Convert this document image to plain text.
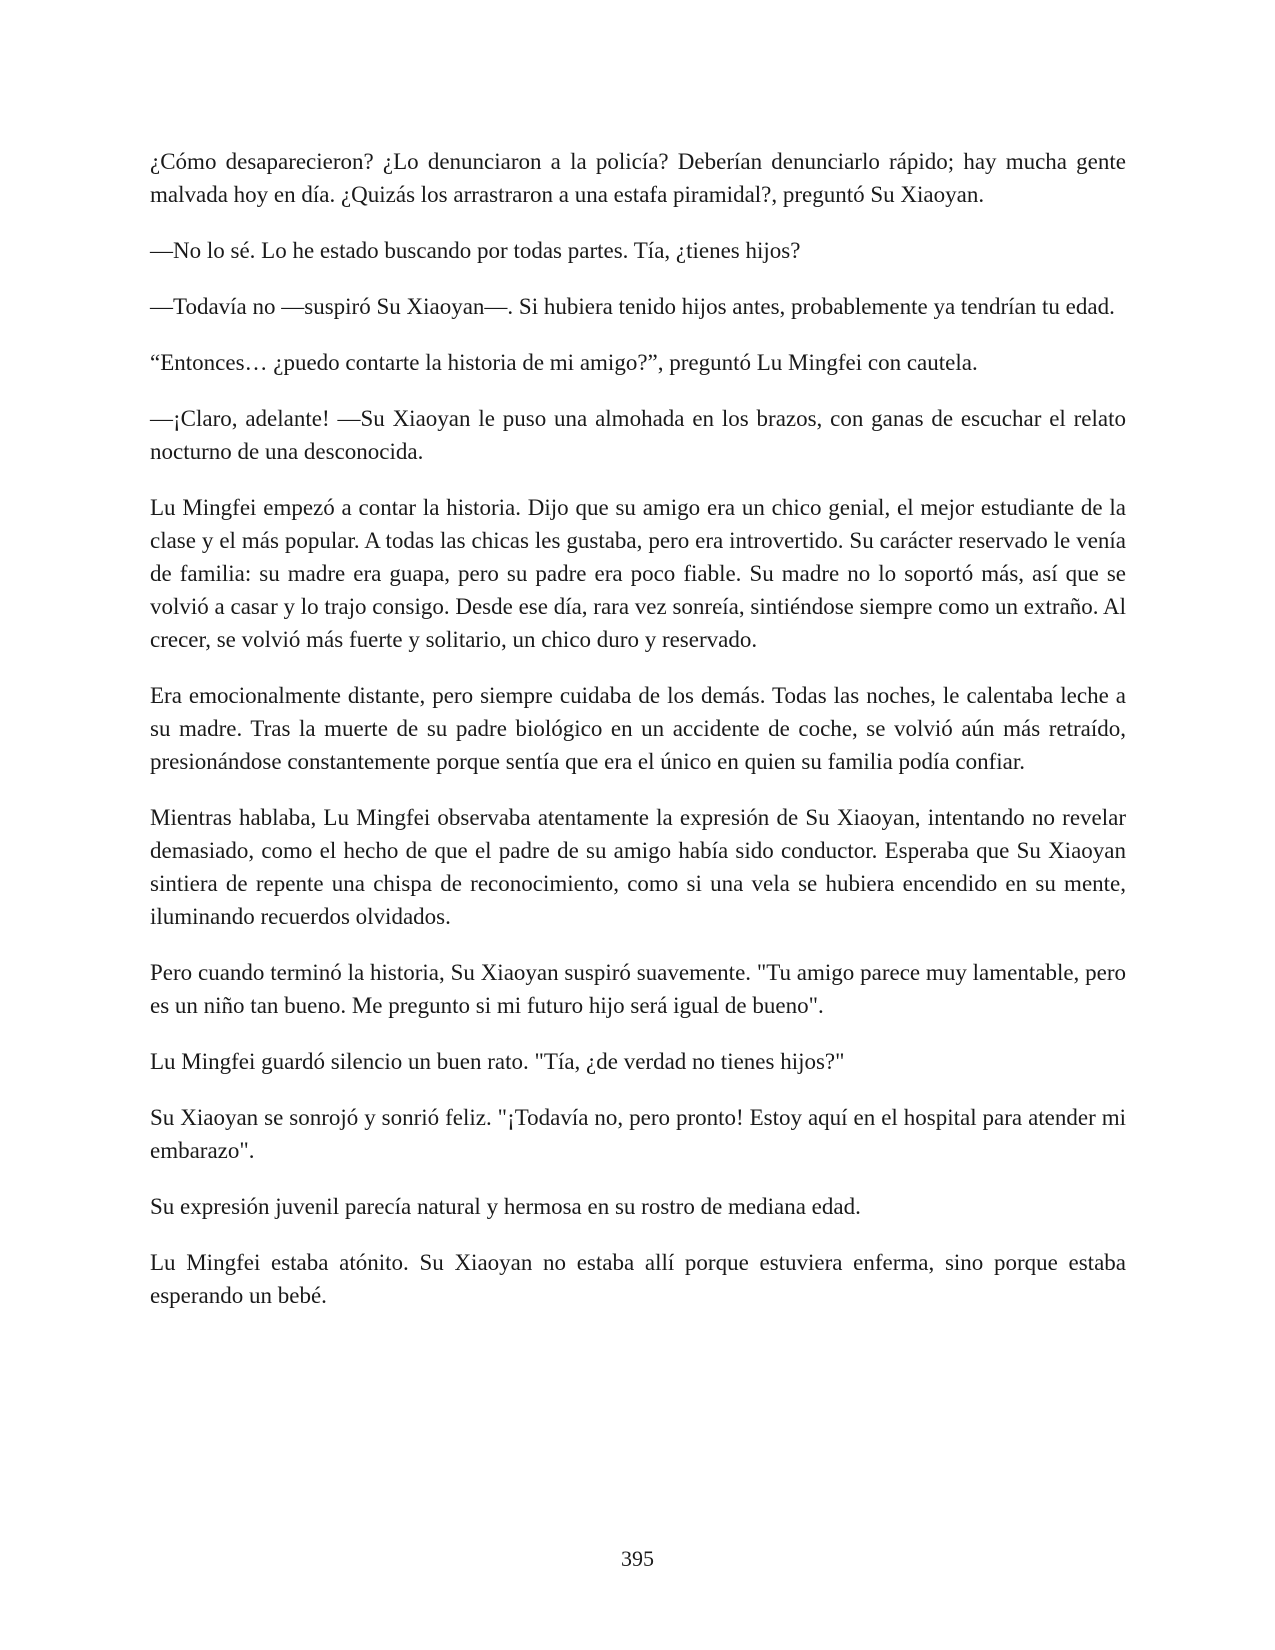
¿Cómo desaparecieron? ¿Lo denunciaron a la policía? Deberían denunciarlo rápido; hay mucha gente malvada hoy en día. ¿Quizás los arrastraron a una estafa piramidal?, preguntó Su Xiaoyan.

—No lo sé. Lo he estado buscando por todas partes. Tía, ¿tienes hijos?

—Todavía no —suspiró Su Xiaoyan—. Si hubiera tenido hijos antes, probablemente ya tendrían tu edad.

“Entonces… ¿puedo contarte la historia de mi amigo?”, preguntó Lu Mingfei con cautela.

—¡Claro, adelante! —Su Xiaoyan le puso una almohada en los brazos, con ganas de escuchar el relato nocturno de una desconocida.

Lu Mingfei empezó a contar la historia. Dijo que su amigo era un chico genial, el mejor estudiante de la clase y el más popular. A todas las chicas les gustaba, pero era introvertido. Su carácter reservado le venía de familia: su madre era guapa, pero su padre era poco fiable. Su madre no lo soportó más, así que se volvió a casar y lo trajo consigo. Desde ese día, rara vez sonreía, sintiéndose siempre como un extraño. Al crecer, se volvió más fuerte y solitario, un chico duro y reservado.

Era emocionalmente distante, pero siempre cuidaba de los demás. Todas las noches, le calentaba leche a su madre. Tras la muerte de su padre biológico en un accidente de coche, se volvió aún más retraído, presionándose constantemente porque sentía que era el único en quien su familia podía confiar.

Mientras hablaba, Lu Mingfei observaba atentamente la expresión de Su Xiaoyan, intentando no revelar demasiado, como el hecho de que el padre de su amigo había sido conductor. Esperaba que Su Xiaoyan sintiera de repente una chispa de reconocimiento, como si una vela se hubiera encendido en su mente, iluminando recuerdos olvidados.

Pero cuando terminó la historia, Su Xiaoyan suspiró suavemente. "Tu amigo parece muy lamentable, pero es un niño tan bueno. Me pregunto si mi futuro hijo será igual de bueno".

Lu Mingfei guardó silencio un buen rato. "Tía, ¿de verdad no tienes hijos?"

Su Xiaoyan se sonrojó y sonrió feliz. "¡Todavía no, pero pronto! Estoy aquí en el hospital para atender mi embarazo".

Su expresión juvenil parecía natural y hermosa en su rostro de mediana edad.

Lu Mingfei estaba atónito. Su Xiaoyan no estaba allí porque estuviera enferma, sino porque estaba esperando un bebé.

395
